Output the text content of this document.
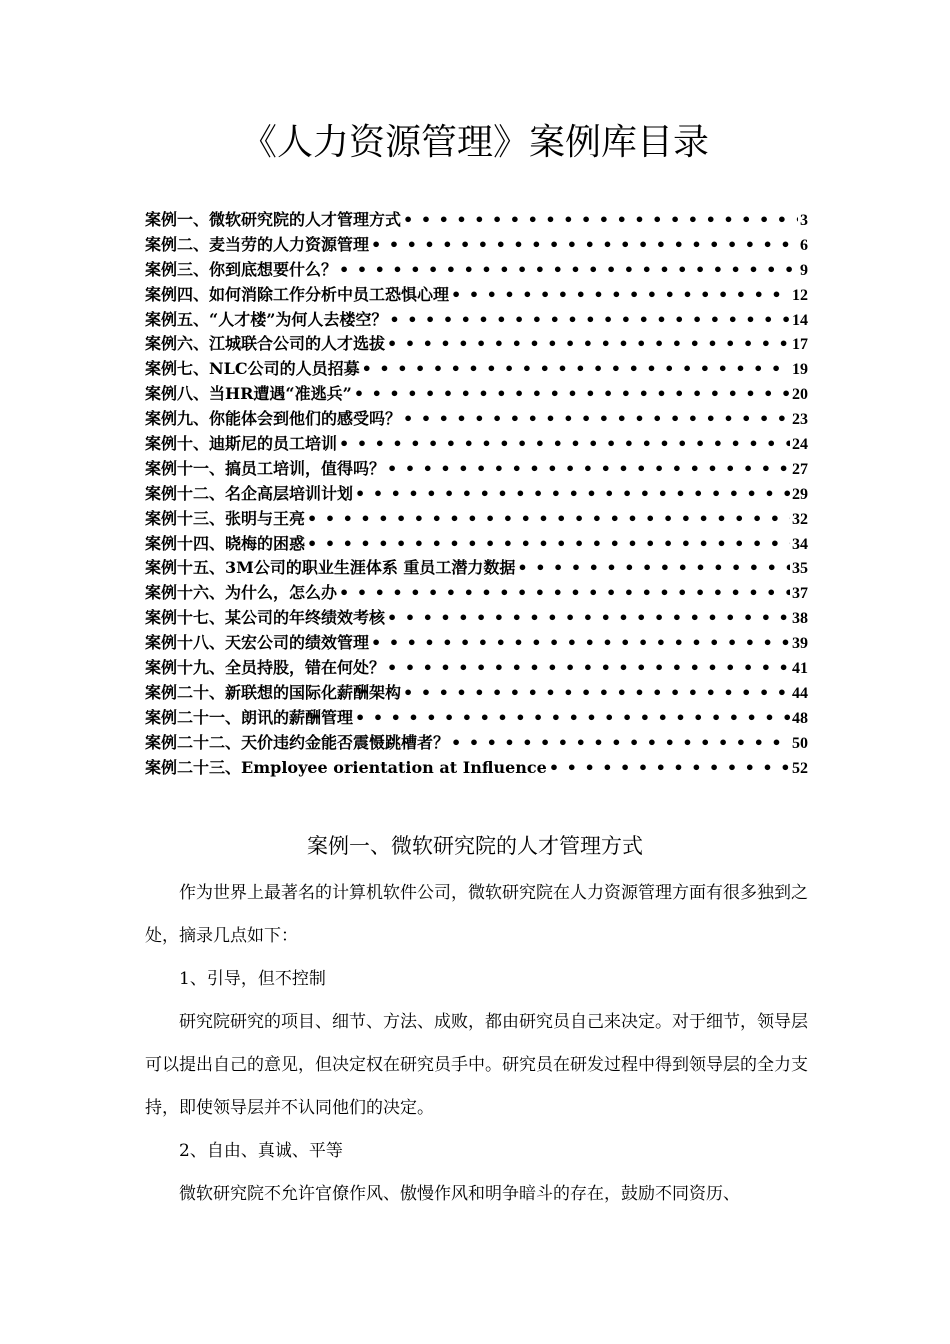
《人力资源管理》案例库目录
案例一、微软研究院的人才管理方式 • • •	3
案例二、麦当劳的人力资源管理 • • •	6
案例三、你到底想要什么？ • • •	9
案例四、如何消除工作分析中员工恐惧心理 • • •	12
案例五、“人才楼”为何人去楼空？ • • •	14
案例六、江城联合公司的人才选拔 • • •	17
案例七、NLC公司的人员招募 • • •	19
案例八、当HR遭遇“准逃兵” • • •	20
案例九、你能体会到他们的感受吗？ • • •	23
案例十、迪斯尼的员工培训 • • •	24
案例十一、搞员工培训，值得吗？ • • •	27
案例十二、名企高层培训计划 • • •	29
案例十三、张明与王亮 • • •	32
案例十四、晓梅的困惑 • • •	34
案例十五、3M公司的职业生涯体系 重员工潜力数据 • • •	35
案例十六、为什么，怎么办 • • •	37
案例十七、某公司的年终绩效考核 • • •	38
案例十八、天宏公司的绩效管理 • • •	39
案例十九、全员持股，错在何处？ • • •	41
案例二十、新联想的国际化薪酬架构 • • •	44
案例二十一、朗讯的薪酬管理 • • •	48
案例二十二、天价违约金能否震慑跳槽者？ • • •	50
案例二十三、Employee orientation at Influence • • •	52
案例一、微软研究院的人才管理方式

作为世界上最著名的计算机软件公司，微软研究院在人力资源管理方面有很多独到之处，摘录几点如下：

1、引导，但不控制

研究院研究的项目、细节、方法、成败，都由研究员自己来决定。对于细节，领导层可以提出自己的意见，但决定权在研究员手中。研究员在研发过程中得到领导层的全力支持，即使领导层并不认同他们的决定。

2、自由、真诚、平等

微软研究院不允许官僚作风、傲慢作风和明争暗斗的存在，鼓励不同资历、
